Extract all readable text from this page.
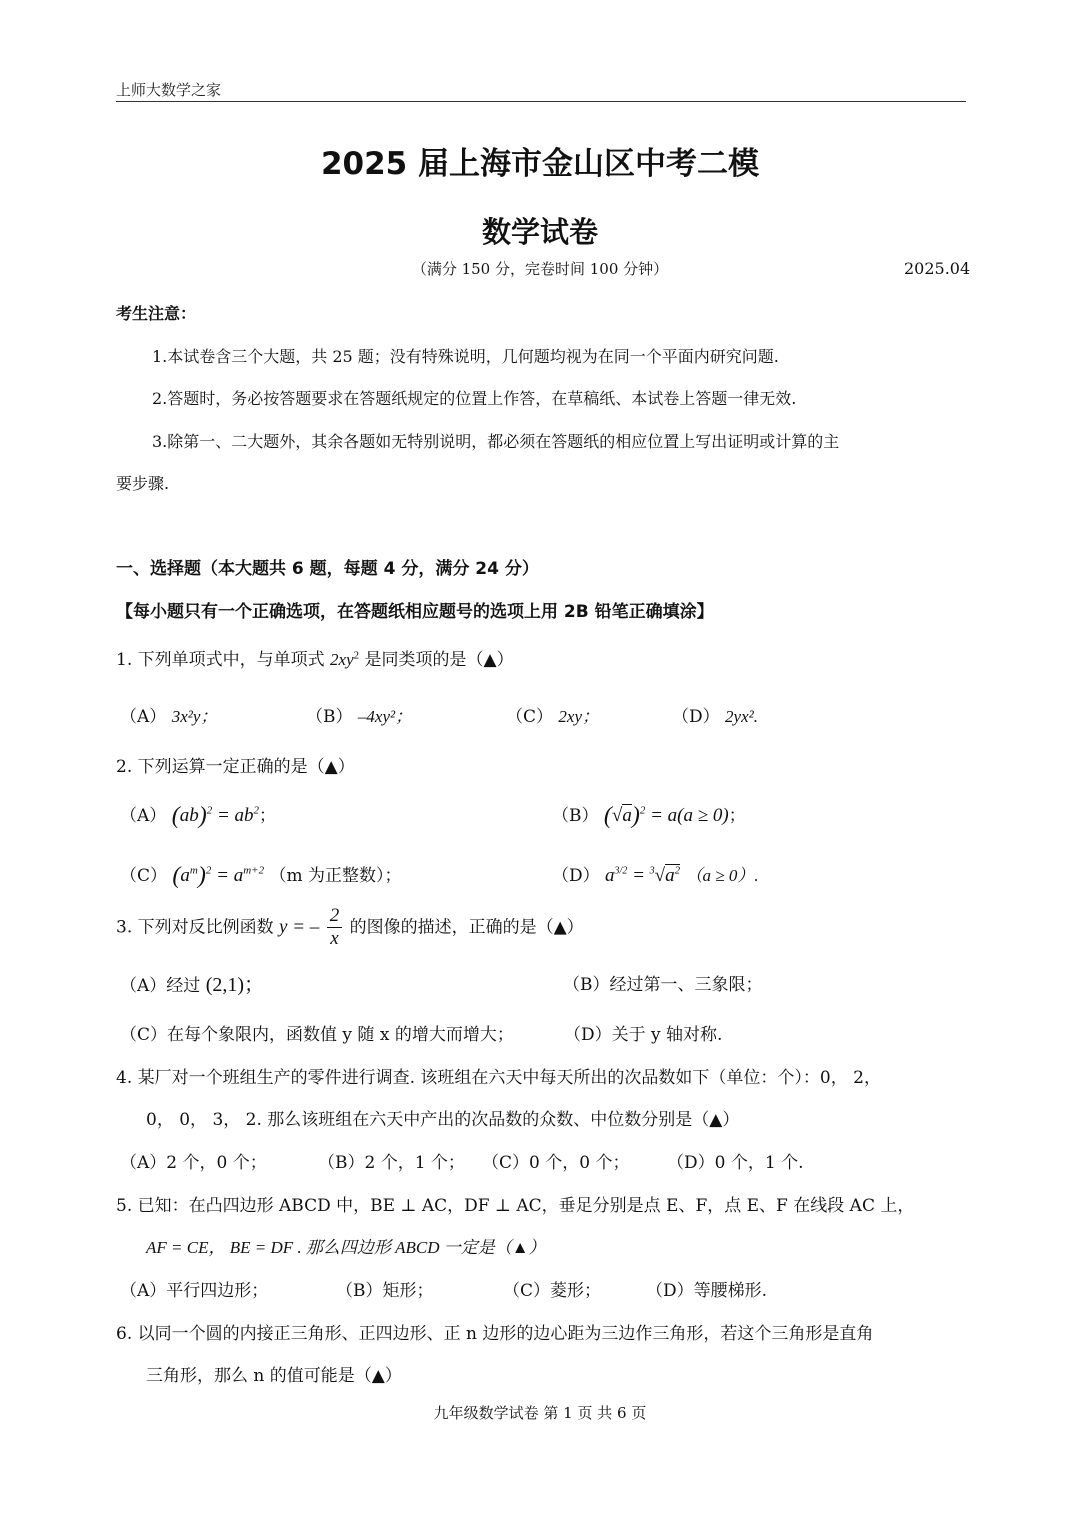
上师大数学之家
2025 届上海市金山区中考二模
数学试卷
（满分 150 分，完卷时间 100 分钟）	2025.04
考生注意：
1.本试卷含三个大题，共 25 题；没有特殊说明，几何题均视为在同一个平面内研究问题.
2.答题时，务必按答题要求在答题纸规定的位置上作答，在草稿纸、本试卷上答题一律无效.
3.除第一、二大题外，其余各题如无特别说明，都必须在答题纸的相应位置上写出证明或计算的主
要步骤.
一、选择题（本大题共 6 题，每题 4 分，满分 24 分）
【每小题只有一个正确选项，在答题纸相应题号的选项上用 2B 铅笔正确填涂】
1. 下列单项式中，与单项式 $2xy^2$ 是同类项的是（▲）
（A） 3x²y；	（B） –4xy²；	（C） 2xy；	（D） 2yx².
2. 下列运算一定正确的是（▲）
（A） $(ab)^2 = ab^2$；	（B） $(√a)^2 = a(a \ge 0)$；
（C） $(a^m)^2 = a^{m+2}$ （m 为正整数）；	（D） $a^{3/2} = ^3√a^2$ （a ≥ 0）.
3. 下列对反比例函数 y = – $\frac{2}{x}$ 的图像的描述，正确的是（▲）
（A）经过 (2,1)；	（B）经过第一、三象限；
（C）在每个象限内，函数值 y 随 x 的增大而增大；	（D）关于 y 轴对称.
4. 某厂对一个班组生产的零件进行调查. 该班组在六天中每天所出的次品数如下（单位：个）：0， 2，
0， 0， 3， 2. 那么该班组在六天中产出的次品数的众数、中位数分别是（▲）
（A）2 个，0 个；	（B）2 个，1 个； （C）0 个，0 个； （D）0 个，1 个.
5. 已知：在凸四边形 ABCD 中，BE ⊥ AC，DF ⊥ AC，垂足分别是点 E、F，点 E、F 在线段 AC 上，
AF = CE， BE = DF . 那么四边形 ABCD 一定是（▲）
（A）平行四边形；	（B）矩形；	（C）菱形；	（D）等腰梯形.
6. 以同一个圆的内接正三角形、正四边形、正 n 边形的边心距为三边作三角形，若这个三角形是直角
三角形，那么 n 的值可能是（▲）
九年级数学试卷 第 1 页 共 6 页
